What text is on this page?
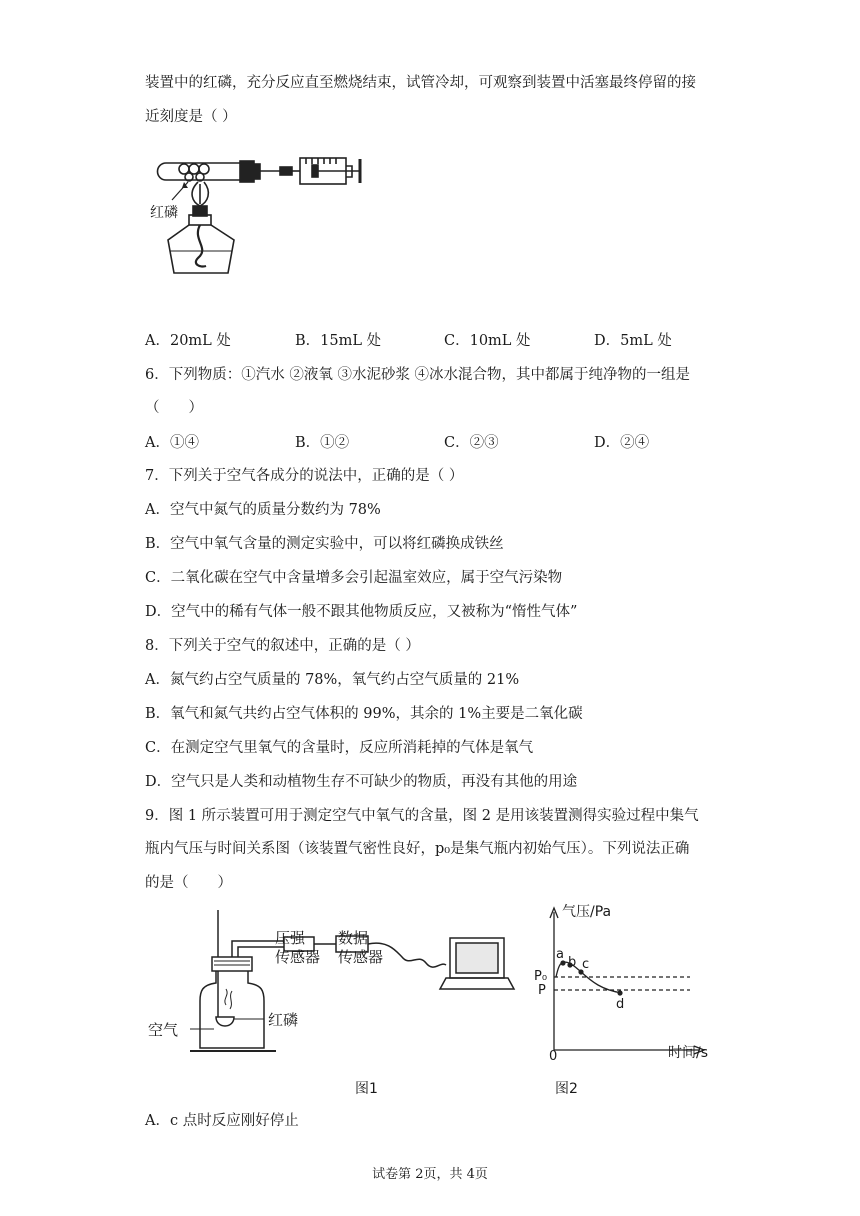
装置中的红磷，充分反应直至燃烧结束，试管冷却，可观察到装置中活塞最终停留的接
近刻度是（ ）
红磷
A．20mL 处	B．15mL 处	C．10mL 处	D．5mL 处
6．下列物质：①汽水 ②液氧 ③水泥砂浆 ④冰水混合物，其中都属于纯净物的一组是
（　　）
A．①④	B．①②	C．②③	D．②④
7．下列关于空气各成分的说法中，正确的是（ ）
A．空气中氮气的质量分数约为 78%
B．空气中氧气含量的测定实验中，可以将红磷换成铁丝
C．二氧化碳在空气中含量增多会引起温室效应，属于空气污染物
D．空气中的稀有气体一般不跟其他物质反应，又被称为“惰性气体”
8．下列关于空气的叙述中，正确的是（ ）
A．氮气约占空气质量的 78%，氧气约占空气质量的 21%
B．氧气和氮气共约占空气体积的 99%，其余的 1%主要是二氧化碳
C．在测定空气里氧气的含量时，反应所消耗掉的气体是氧气
D．空气只是人类和动植物生存不可缺少的物质，再没有其他的用途
9．图 1 所示装置可用于测定空气中氧气的含量，图 2 是用该装置测得实验过程中集气
瓶内气压与时间关系图（该装置气密性良好，p₀是集气瓶内初始气压）。下列说法正确
的是（　　）
压强
传感器
数据
传感器
空气
红磷
图1
气压/Pa
时间/s
0
P₀
P
a
b c
d
图2
A．c 点时反应刚好停止
试卷第 2页，共 4页
